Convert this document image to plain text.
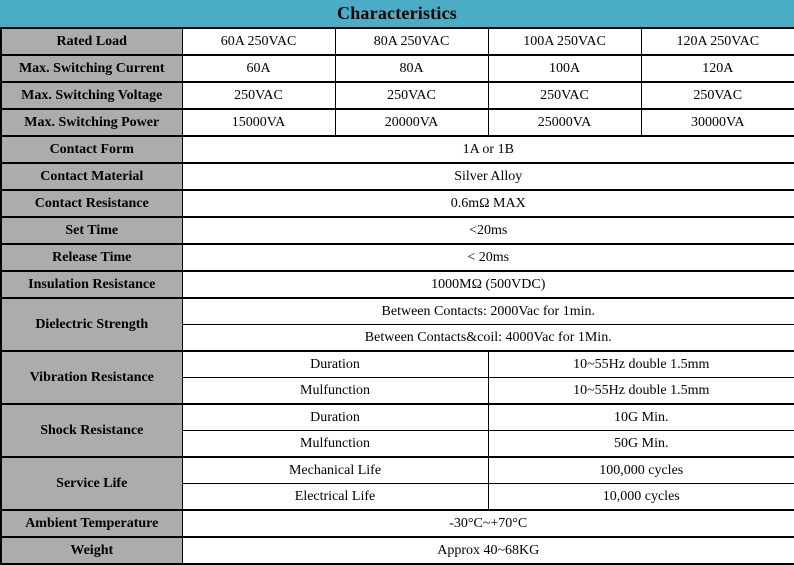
Characteristics
Rated Load	60A 250VAC	80A 250VAC	100A 250VAC	120A 250VAC
Max. Switching Current	60A	80A	100A	120A
Max. Switching Voltage	250VAC	250VAC	250VAC	250VAC
Max. Switching Power	15000VA	20000VA	25000VA	30000VA
Contact Form	1A or 1B			
Contact Material	Silver Alloy			
Contact Resistance	0.6mΩ MAX			
Set Time	<20ms			
Release Time	< 20ms			
Insulation Resistance	1000MΩ (500VDC)			
Dielectric Strength	Between Contacts: 2000Vac for 1min.			
	Between Contacts&coil: 4000Vac for 1Min.			
Vibration Resistance	Duration		10~55Hz double 1.5mm	
	Mulfunction		10~55Hz double 1.5mm	
Shock Resistance	Duration		10G Min.	
	Mulfunction		50G Min.	
Service Life	Mechanical Life		100,000 cycles	
	Electrical Life		10,000 cycles	
Ambient Temperature	-30°C~+70°C			
Weight	Approx 40~68KG			
